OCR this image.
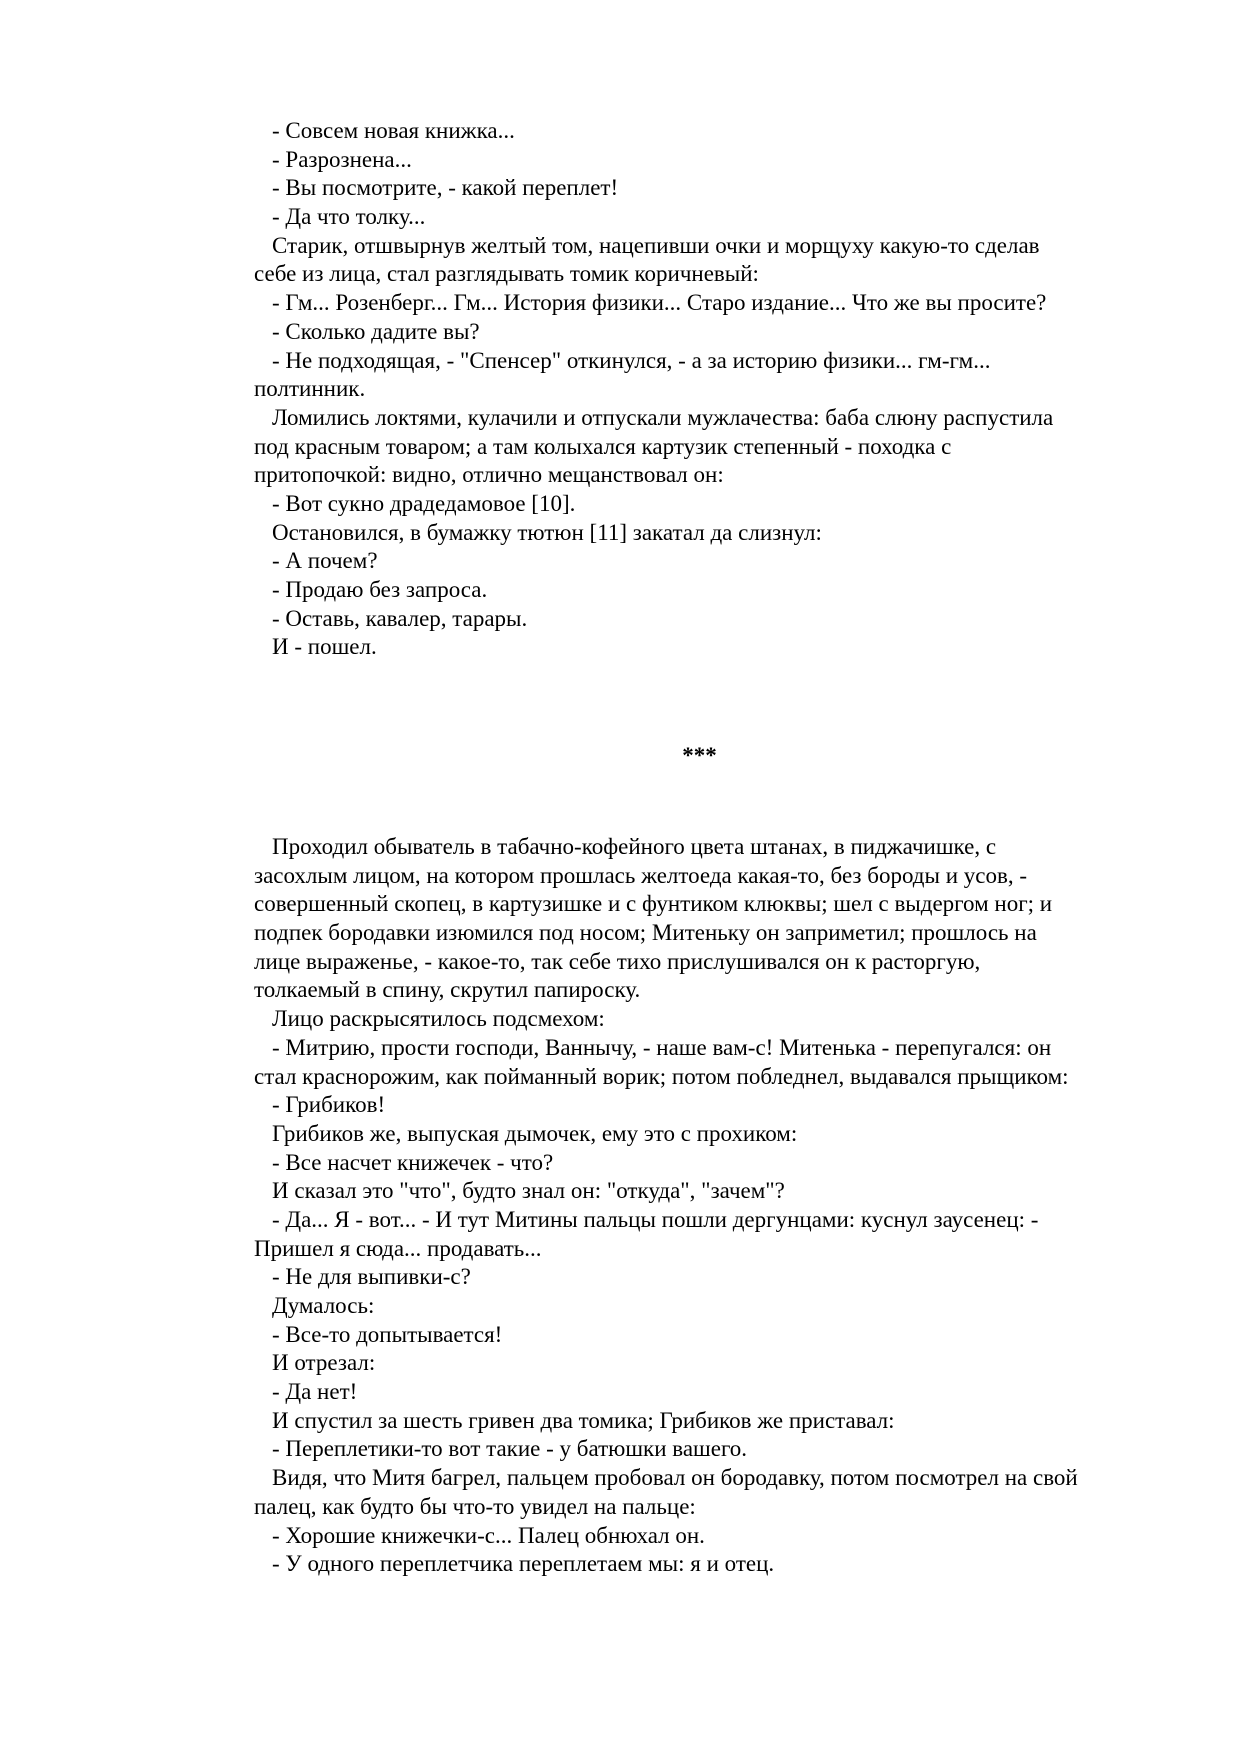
- Совсем новая книжка...

- Разрознена...

- Вы посмотрите, - какой переплет!

- Да что толку...

Старик, отшвырнув желтый том, нацепивши очки и морщуху какую-то сделав

себе из лица, стал разглядывать томик коричневый:

- Гм... Розенберг... Гм... История физики... Старо издание... Что же вы просите?

- Сколько дадите вы?

- Не подходящая, - "Спенсер" откинулся, - а за историю физики... гм-гм...

полтинник.

Ломились локтями, кулачили и отпускали мужлачества: баба слюну распустила

под красным товаром; а там колыхался картузик степенный - походка с

притопочкой: видно, отлично мещанствовал он:

- Вот сукно драдедамовое [10].

Остановился, в бумажку тютюн [11] закатал да слизнул:

- А почем?

- Продаю без запроса.

- Оставь, кавалер, тарары.

И - пошел.

***

Проходил обыватель в табачно-кофейного цвета штанах, в пиджачишке, с

засохлым лицом, на котором прошлась желтоеда какая-то, без бороды и усов, -

совершенный скопец, в картузишке и с фунтиком клюквы; шел с выдергом ног; и

подпек бородавки изюмился под носом; Митеньку он заприметил; прошлось на

лице выраженье, - какое-то, так себе тихо прислушивался он к расторгую,

толкаемый в спину, скрутил папироску.

Лицо раскрысятилось подсмехом:

- Митрию, прости господи, Ваннычу, - наше вам-с! Митенька - перепугался: он

стал краснорожим, как пойманный ворик; потом побледнел, выдавался прыщиком:

- Грибиков!

Грибиков же, выпуская дымочек, ему это с прохиком:

- Все насчет книжечек - что?

И сказал это "что", будто знал он: "откуда", "зачем"?

- Да... Я - вот... - И тут Митины пальцы пошли дергунцами: куснул заусенец: -

Пришел я сюда... продавать...

- Не для выпивки-с?

Думалось:

- Все-то допытывается!

И отрезал:

- Да нет!

И спустил за шесть гривен два томика; Грибиков же приставал:

- Переплетики-то вот такие - у батюшки вашего.

Видя, что Митя багрел, пальцем пробовал он бородавку, потом посмотрел на свой

палец, как будто бы что-то увидел на пальце:

- Хорошие книжечки-с... Палец обнюхал он.

- У одного переплетчика переплетаем мы: я и отец.
